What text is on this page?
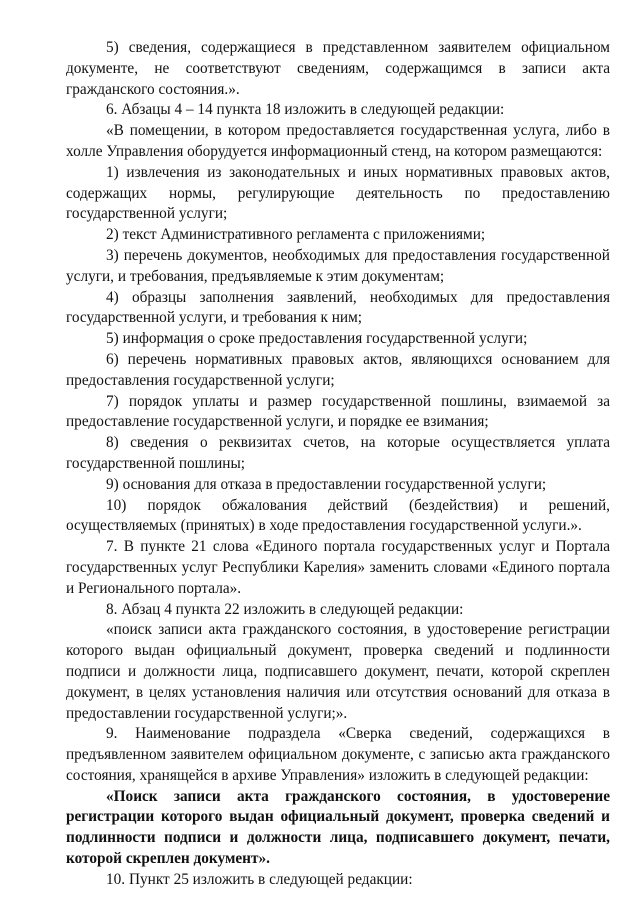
5) сведения, содержащиеся в представленном заявителем официальном документе, не соответствуют сведениям, содержащимся в записи акта гражданского состояния.».

6. Абзацы 4 – 14 пункта 18 изложить в следующей редакции:

«В помещении, в котором предоставляется государственная услуга, либо в холле Управления оборудуется информационный стенд, на котором размещаются:

1) извлечения из законодательных и иных нормативных правовых актов, содержащих нормы, регулирующие деятельность по предоставлению государственной услуги;

2) текст Административного регламента с приложениями;

3) перечень документов, необходимых для предоставления государственной услуги, и требования, предъявляемые к этим документам;

4) образцы заполнения заявлений, необходимых для предоставления государственной услуги, и требования к ним;

5) информация о сроке предоставления государственной услуги;

6) перечень нормативных правовых актов, являющихся основанием для предоставления государственной услуги;

7) порядок уплаты и размер государственной пошлины, взимаемой за предоставление государственной услуги, и порядке ее взимания;

8) сведения о реквизитах счетов, на которые осуществляется уплата государственной пошлины;

9) основания для отказа в предоставлении государственной услуги;

10) порядок обжалования действий (бездействия) и решений, осуществляемых (принятых) в ходе предоставления государственной услуги.».

7. В пункте 21 слова «Единого портала государственных услуг и Портала государственных услуг Республики Карелия» заменить словами «Единого портала и Регионального портала».

8. Абзац 4 пункта 22 изложить в следующей редакции:

«поиск записи акта гражданского состояния, в удостоверение регистрации которого выдан официальный документ, проверка сведений и подлинности подписи и должности лица, подписавшего документ, печати, которой скреплен документ, в целях установления наличия или отсутствия оснований для отказа в предоставлении государственной услуги;».

9. Наименование подраздела «Сверка сведений, содержащихся в предъявленном заявителем официальном документе, с записью акта гражданского состояния, хранящейся в архиве Управления» изложить в следующей редакции:

«Поиск записи акта гражданского состояния, в удостоверение регистрации которого выдан официальный документ, проверка сведений и подлинности подписи и должности лица, подписавшего документ, печати, которой скреплен документ».

10. Пункт 25 изложить в следующей редакции:
